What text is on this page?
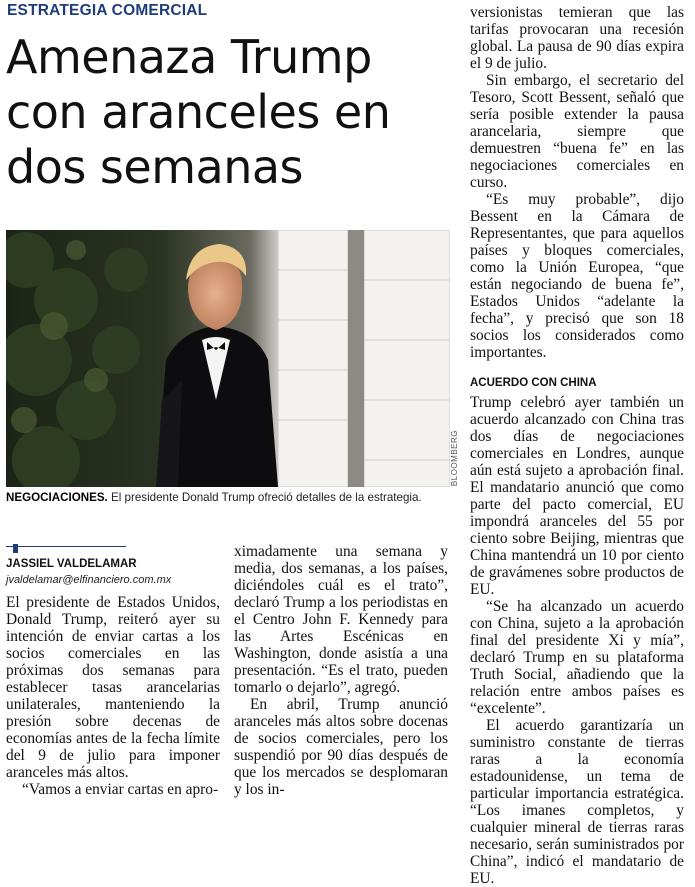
ESTRATEGIA COMERCIAL
Amenaza Trump con aranceles en dos semanas
BLOOMBERG
NEGOCIACIONES. El presidente Donald Trump ofreció detalles de la estrategia.
JASSIEL VALDELAMAR
jvaldelamar@elfinanciero.com.mx

El presidente de Estados Unidos, Donald Trump, reiteró ayer su intención de enviar cartas a los socios comerciales en las próximas dos semanas para establecer tasas arancelarias unilaterales, manteniendo la presión sobre decenas de economías antes de la fecha límite del 9 de julio para imponer aranceles más altos.

“Vamos a enviar cartas en apro-

ximadamente una semana y media, dos semanas, a los países, diciéndoles cuál es el trato”, declaró Trump a los periodistas en el Centro John F. Kennedy para las Artes Escénicas en Washington, donde asistía a una presentación. “Es el trato, pueden tomarlo o dejarlo”, agregó.

En abril, Trump anunció aranceles más altos sobre docenas de socios comerciales, pero los suspendió por 90 días después de que los mercados se desplomaran y los in-

versionistas temieran que las tarifas provocaran una recesión global. La pausa de 90 días expira el 9 de julio.

Sin embargo, el secretario del Tesoro, Scott Bessent, señaló que sería posible extender la pausa arancelaria, siempre que demuestren “buena fe” en las negociaciones comerciales en curso.

“Es muy probable”, dijo Bessent en la Cámara de Representantes, que para aquellos países y bloques comerciales, como la Unión Europea, “que están negociando de buena fe”, Estados Unidos “adelante la fecha”, y precisó que son 18 socios los considerados como importantes.

ACUERDO CON CHINA

Trump celebró ayer también un acuerdo alcanzado con China tras dos días de negociaciones comerciales en Londres, aunque aún está sujeto a aprobación final. El mandatario anunció que como parte del pacto comercial, EU impondrá aranceles del 55 por ciento sobre Beijing, mientras que China mantendrá un 10 por ciento de gravámenes sobre productos de EU.

“Se ha alcanzado un acuerdo con China, sujeto a la aprobación final del presidente Xi y mía”, declaró Trump en su plataforma Truth Social, añadiendo que la relación entre ambos países es “excelente”.

El acuerdo garantizaría un suministro constante de tierras raras a la economía estadounidense, un tema de particular importancia estratégica. “Los imanes completos, y cualquier mineral de tierras raras necesario, serán suministrados por China”, indicó el mandatario de EU.
